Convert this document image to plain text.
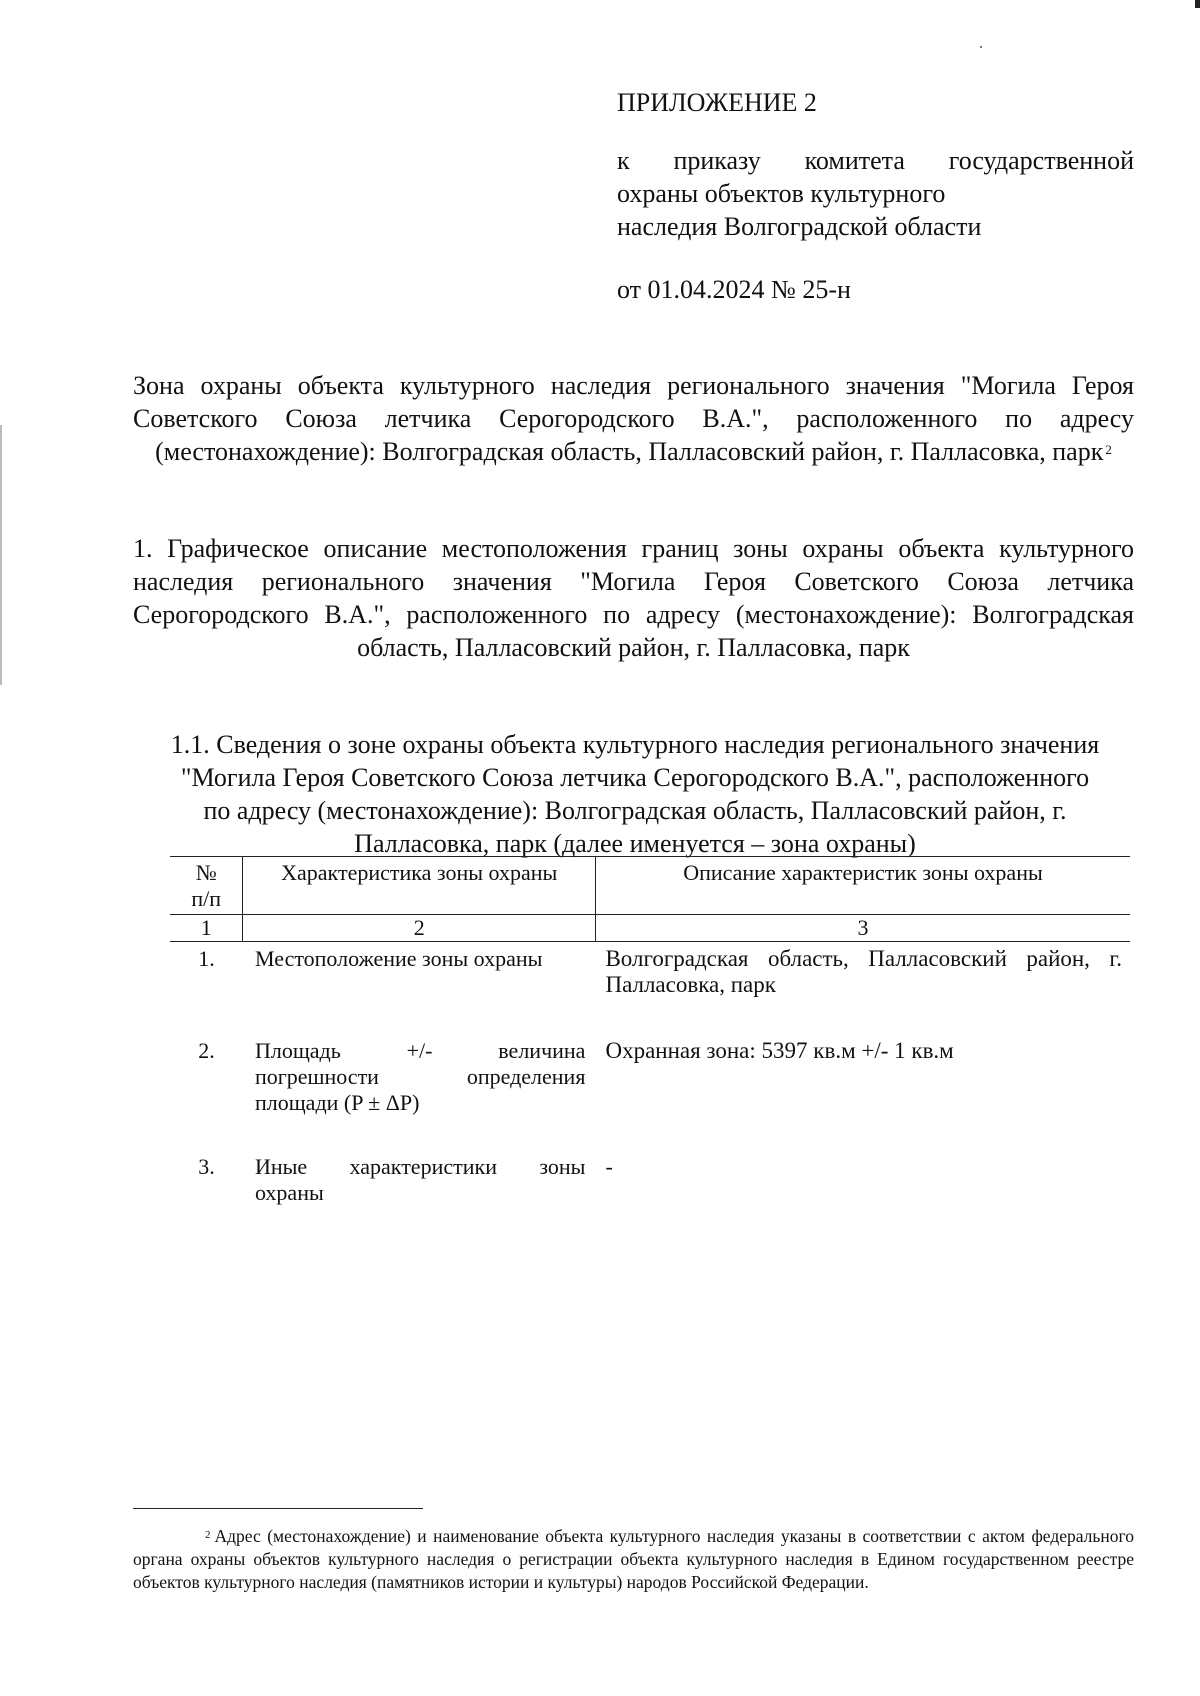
ПРИЛОЖЕНИЕ 2
к приказу комитета государственной
охраны объектов культурного
наследия Волгоградской области
от 01.04.2024 № 25-н
Зона охраны объекта культурного наследия регионального значения "Могила Героя Советского Союза летчика Серогородского В.А.", расположенного по адресу (местонахождение): Волгоградская область, Палласовский район, г. Палласовка, парк $^2$
1. Графическое описание местоположения границ зоны охраны объекта культурного наследия регионального значения "Могила Героя Советского Союза летчика Серогородского В.А.", расположенного по адресу (местонахождение): Волгоградская область, Палласовский район, г. Палласовка, парк
1.1. Сведения о зоне охраны объекта культурного наследия регионального значения "Могила Героя Советского Союза летчика Серогородского В.А.", расположенного по адресу (местонахождение): Волгоградская область, Палласовский район, г. Палласовка, парк (далее именуется – зона охраны)
№
п/п	Характеристика зоны охраны	Описание характеристик зоны охраны
1	2	3
1.	Местоположение зоны охраны	Волгоградская область, Палласовский район, г. Палласовка, парк
2.	Площадь +/- величина погрешности определения площади (P ± ΔP)	Охранная зона: 5397 кв.м +/- 1 кв.м
3.	Иные характеристики зоны охраны	-
$^2$ Адрес (местонахождение) и наименование объекта культурного наследия указаны в соответствии с актом федерального органа охраны объектов культурного наследия о регистрации объекта культурного наследия в Едином государственном реестре объектов культурного наследия (памятников истории и культуры) народов Российской Федерации.
